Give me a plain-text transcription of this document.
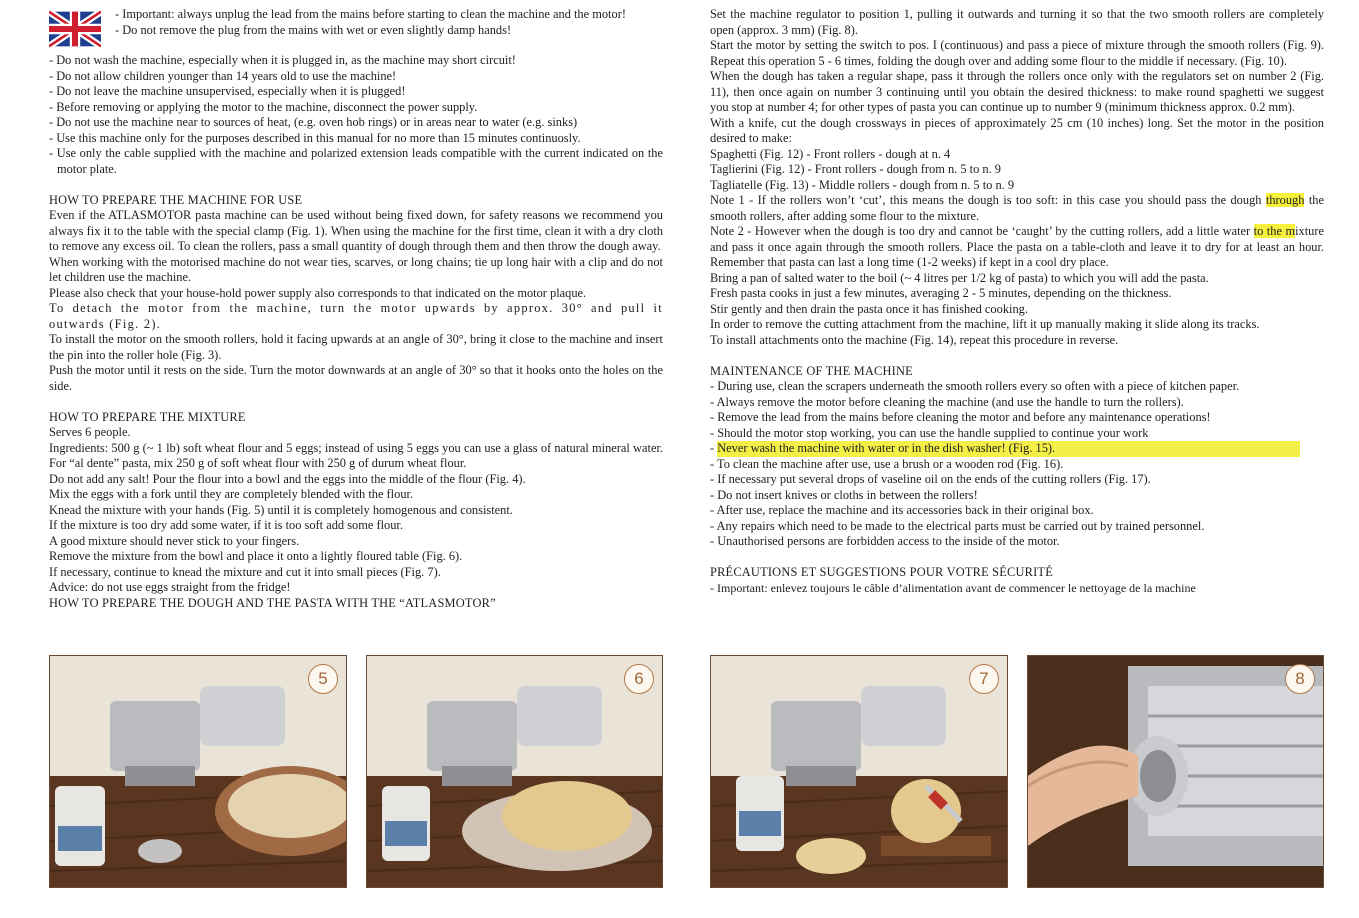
- Important: always unplug the lead from the mains before starting to clean the machine and the motor!

- Do not remove the plug from the mains with wet or even slightly damp hands!

- Do not wash the machine, especially when it is plugged in, as the machine may short circuit!

- Do not allow children younger than 14 years old to use the machine!

- Do not leave the machine unsupervised, especially when it is plugged!

- Before removing or applying the motor to the machine, disconnect the power supply.

- Do not use the machine near to sources of heat, (e.g. oven hob rings) or in areas near to water (e.g. sinks)

- Use this machine only for the purposes described in this manual for no more than 15 minutes continuosly.

- Use only the cable supplied with the machine and polarized extension leads compatible with the current indicated on the motor plate.

HOW TO PREPARE THE MACHINE FOR USE

Even if the ATLASMOTOR pasta machine can be used without being fixed down, for safety reasons we recommend you always fix it to the table with the special clamp (Fig. 1). When using the machine for the first time, clean it with a dry cloth to remove any excess oil. To clean the rollers, pass a small quantity of dough through them and then throw the dough away.

When working with the motorised machine do not wear ties, scarves, or long chains; tie up long hair with a clip and do not let children use the machine.

Please also check that your house-hold power supply also corresponds to that indicated on the motor plaque.

To detach the motor from the machine, turn the motor upwards by approx. 30° and pull it outwards (Fig. 2).

To install the motor on the smooth rollers, hold it facing upwards at an angle of 30°, bring it close to the machine and insert the pin into the roller hole (Fig. 3).

Push the motor until it rests on the side. Turn the motor downwards at an angle of 30° so that it hooks onto the holes on the side.

HOW TO PREPARE THE MIXTURE

Serves 6 people.

Ingredients: 500 g (~ 1 lb) soft wheat flour and 5 eggs; instead of using 5 eggs you can use a glass of natural mineral water. For “al dente” pasta, mix 250 g of soft wheat flour with 250 g of durum wheat flour.

Do not add any salt! Pour the flour into a bowl and the eggs into the middle of the flour (Fig. 4).

Mix the eggs with a fork until they are completely blended with the flour.

Knead the mixture with your hands (Fig. 5) until it is completely homogenous and consistent.

If the mixture is too dry add some water, if it is too soft add some flour.

A good mixture should never stick to your fingers.

Remove the mixture from the bowl and place it onto a lightly floured table (Fig. 6).

If necessary, continue to knead the mixture and cut it into small pieces (Fig. 7).

Advice: do not use eggs straight from the fridge!

HOW TO PREPARE THE DOUGH AND THE PASTA WITH THE “ATLASMOTOR”

Set the machine regulator to position 1, pulling it outwards and turning it so that the two smooth rollers are completely open (approx. 3 mm) (Fig. 8).

Start the motor by setting the switch to pos. I (continuous) and pass a piece of mixture through the smooth rollers (Fig. 9). Repeat this operation 5 - 6 times, folding the dough over and adding some flour to the middle if necessary. (Fig. 10).

When the dough has taken a regular shape, pass it through the rollers once only with the regulators set on number 2 (Fig. 11), then once again on number 3 continuing until you obtain the desired thickness: to make round spaghetti we suggest you stop at number 4; for other types of pasta you can continue up to number 9 (minimum thickness approx. 0.2 mm).

With a knife, cut the dough crossways in pieces of approximately 25 cm (10 inches) long. Set the motor in the position desired to make:

Spaghetti (Fig. 12) - Front rollers - dough at n. 4

Taglierini (Fig. 12) - Front rollers - dough from n. 5 to n. 9

Tagliatelle (Fig. 13) - Middle rollers - dough from n. 5 to n. 9

Note 1 - If the rollers won’t ‘cut’, this means the dough is too soft: in this case you should pass the dough through the smooth rollers, after adding some flour to the mixture.

Note 2 - However when the dough is too dry and cannot be ‘caught’ by the cutting rollers, add a little water to the mixture and pass it once again through the smooth rollers. Place the pasta on a table-cloth and leave it to dry for at least an hour. Remember that pasta can last a long time (1-2 weeks) if kept in a cool dry place.

Bring a pan of salted water to the boil (~ 4 litres per 1/2 kg of pasta) to which you will add the pasta.

Fresh pasta cooks in just a few minutes, averaging 2 - 5 minutes, depending on the thickness.

Stir gently and then drain the pasta once it has finished cooking.

In order to remove the cutting attachment from the machine, lift it up manually making it slide along its tracks.

To install attachments onto the machine (Fig. 14), repeat this procedure in reverse.

MAINTENANCE OF THE MACHINE

- During use, clean the scrapers underneath the smooth rollers every so often with a piece of kitchen paper.

- Always remove the motor before cleaning the machine (and use the handle to turn the rollers).

- Remove the lead from the mains before cleaning the motor and before any maintenance operations!

- Should the motor stop working, you can use the handle supplied to continue your work

- Never wash the machine with water or in the dish washer! (Fig. 15).

- To clean the machine after use, use a brush or a wooden rod (Fig. 16).

- If necessary put several drops of vaseline oil on the ends of the cutting rollers (Fig. 17).

- Do not insert knives or cloths in between the rollers!

- After use, replace the machine and its accessories back in their original box.

- Any repairs which need to be made to the electrical parts must be carried out by trained personnel.

- Unauthorised persons are forbidden access to the inside of the motor.

PRÉCAUTIONS ET SUGGESTIONS POUR VOTRE SÉCURITÉ

- Important: enlevez toujours le câble d’alimentation avant de commencer le nettoyage de la machine

5	6	7	8
